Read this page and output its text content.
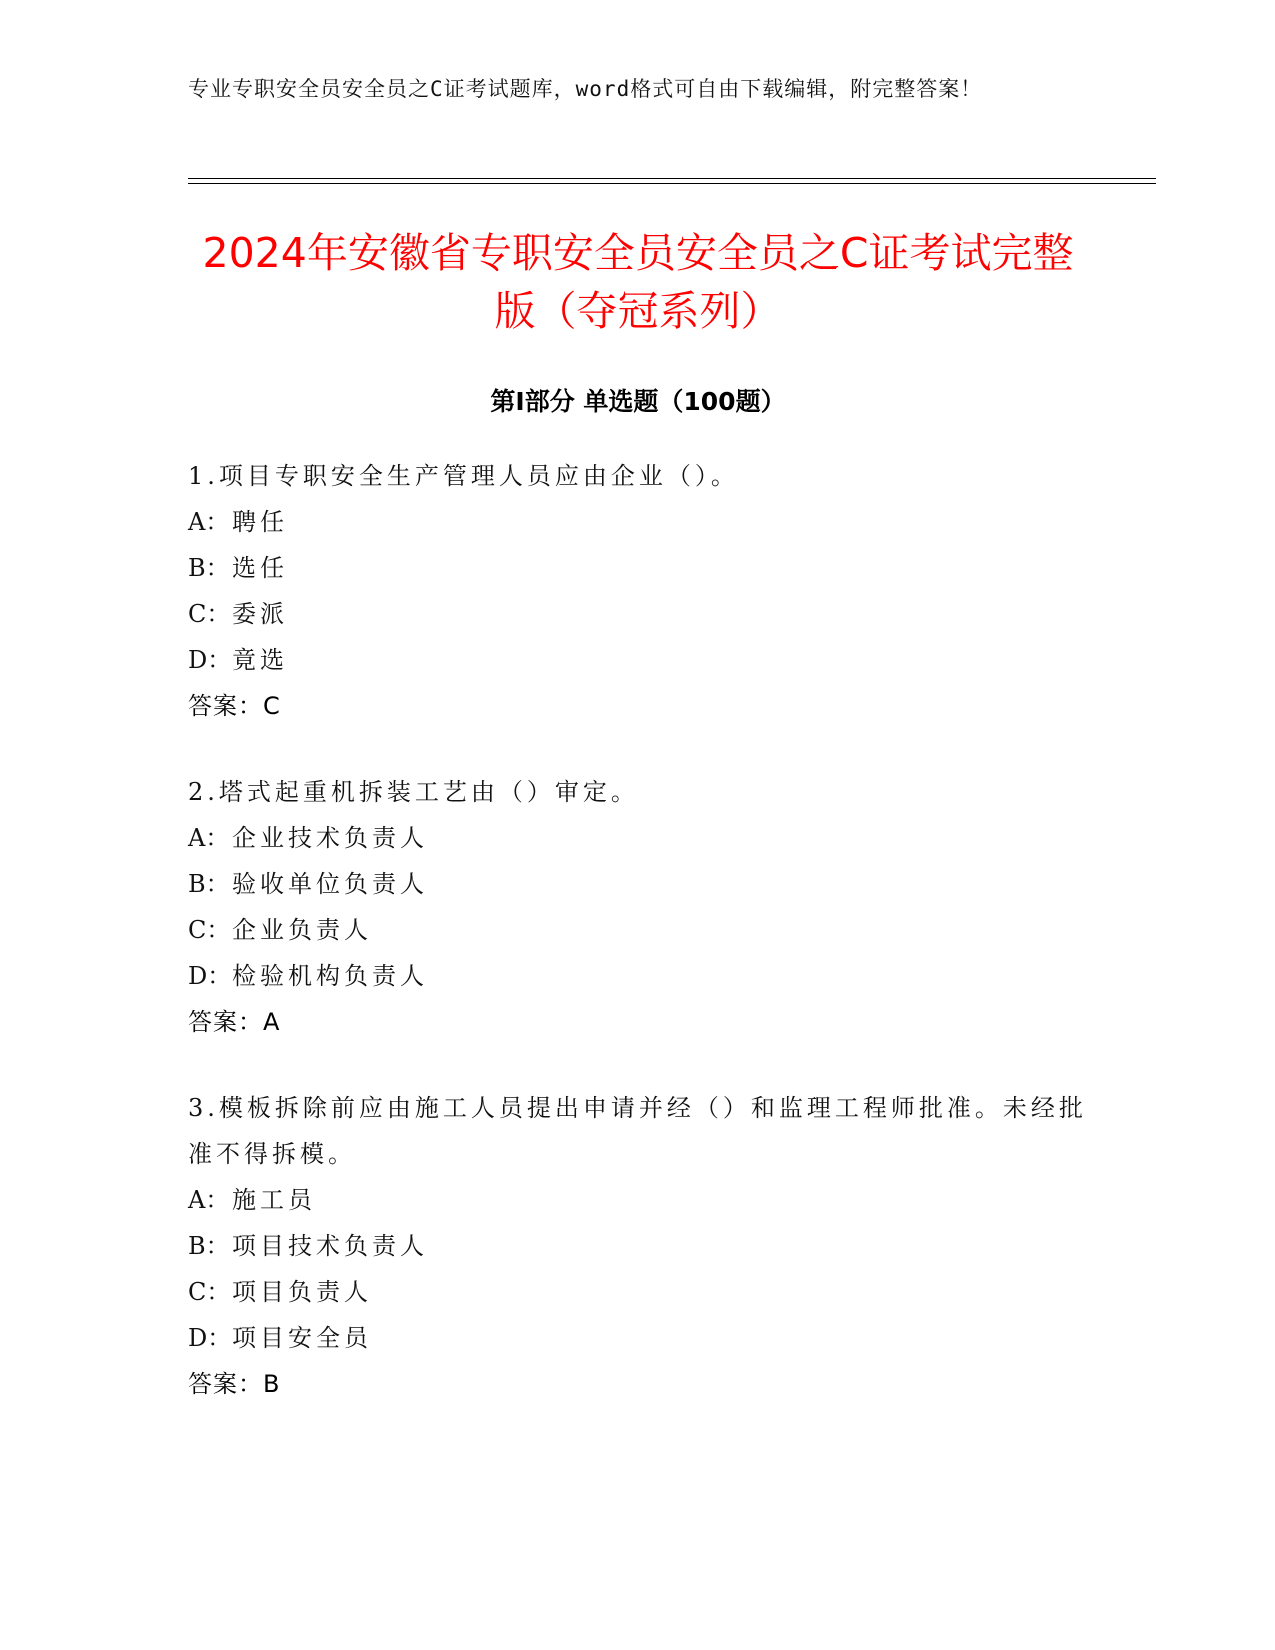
专业专职安全员安全员之C证考试题库，word格式可自由下载编辑，附完整答案！
2024年安徽省专职安全员安全员之C证考试完整版（夺冠系列）
第Ⅰ部分 单选题（100题）
1.项目专职安全生产管理人员应由企业（）。
A： 聘任
B：选任
C：委派
D：竟选
答案：C
2.塔式起重机拆装工艺由（）审定。
A： 企业技术负责人
B：验收单位负责人
C：企业负责人
D：检验机构负责人
答案：A
3.模板拆除前应由施工人员提出申请并经（）和监理工程师批准。未经批准不得拆模。
A： 施工员
B：项目技术负责人
C：项目负责人
D：项目安全员
答案：B
